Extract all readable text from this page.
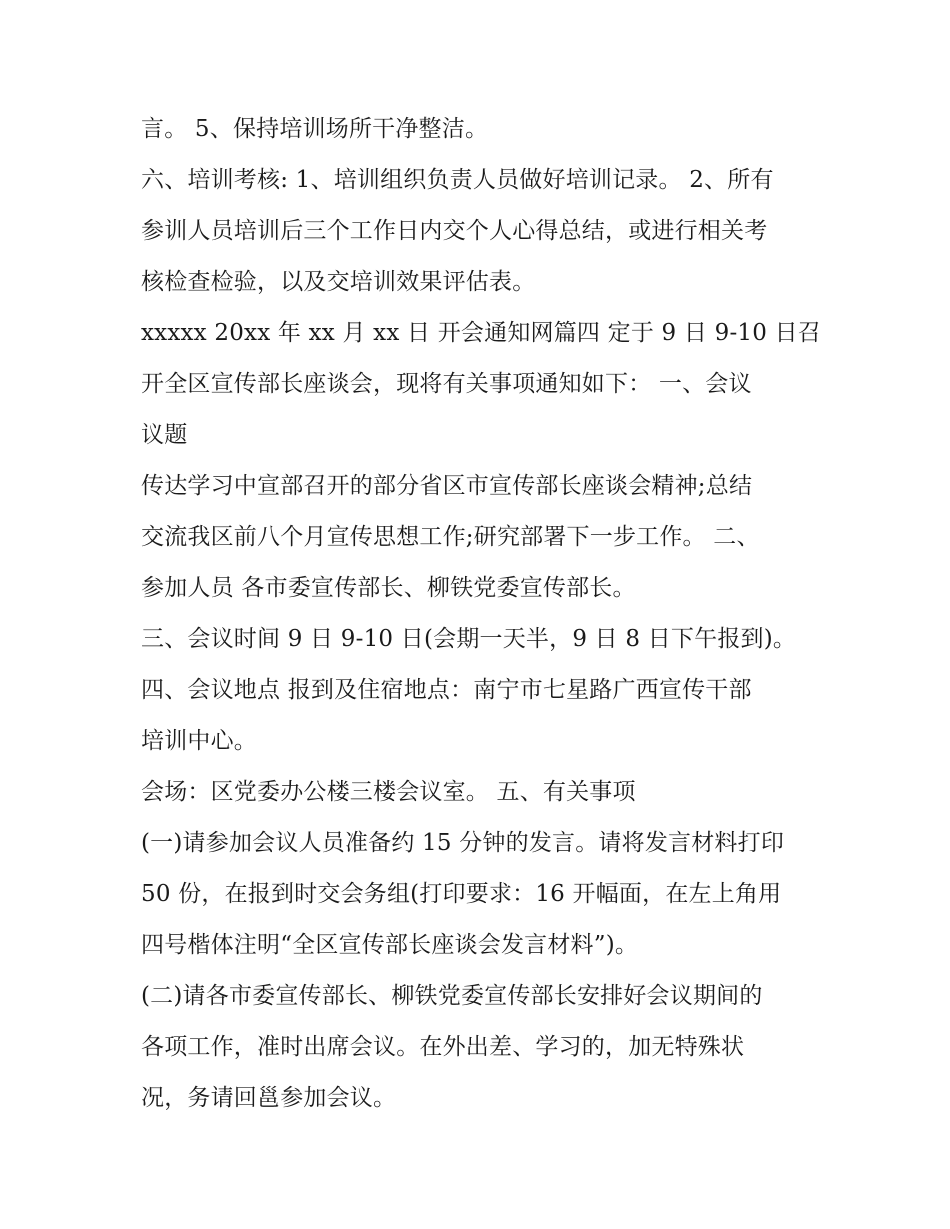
言。 5、保持培训场所干净整洁。
六、培训考核: 1、培训组织负责人员做好培训记录。 2、所有
参训人员培训后三个工作日内交个人心得总结，或进行相关考
核检查检验，以及交培训效果评估表。
xxxxx 20xx 年 xx 月 xx 日 开会通知网篇四 定于 9 日 9-10 日召
开全区宣传部长座谈会，现将有关事项通知如下： 一、会议
议题
传达学习中宣部召开的部分省区市宣传部长座谈会精神;总结
交流我区前八个月宣传思想工作;研究部署下一步工作。 二、
参加人员 各市委宣传部长、柳铁党委宣传部长。
三、会议时间 9 日 9-10 日(会期一天半，9 日 8 日下午报到)。
四、会议地点 报到及住宿地点：南宁市七星路广西宣传干部
培训中心。
会场：区党委办公楼三楼会议室。 五、有关事项
(一)请参加会议人员准备约 15 分钟的发言。请将发言材料打印
50 份，在报到时交会务组(打印要求：16 开幅面，在左上角用
四号楷体注明“全区宣传部长座谈会发言材料”)。
(二)请各市委宣传部长、柳铁党委宣传部长安排好会议期间的
各项工作，准时出席会议。在外出差、学习的，加无特殊状
况，务请回邕参加会议。
